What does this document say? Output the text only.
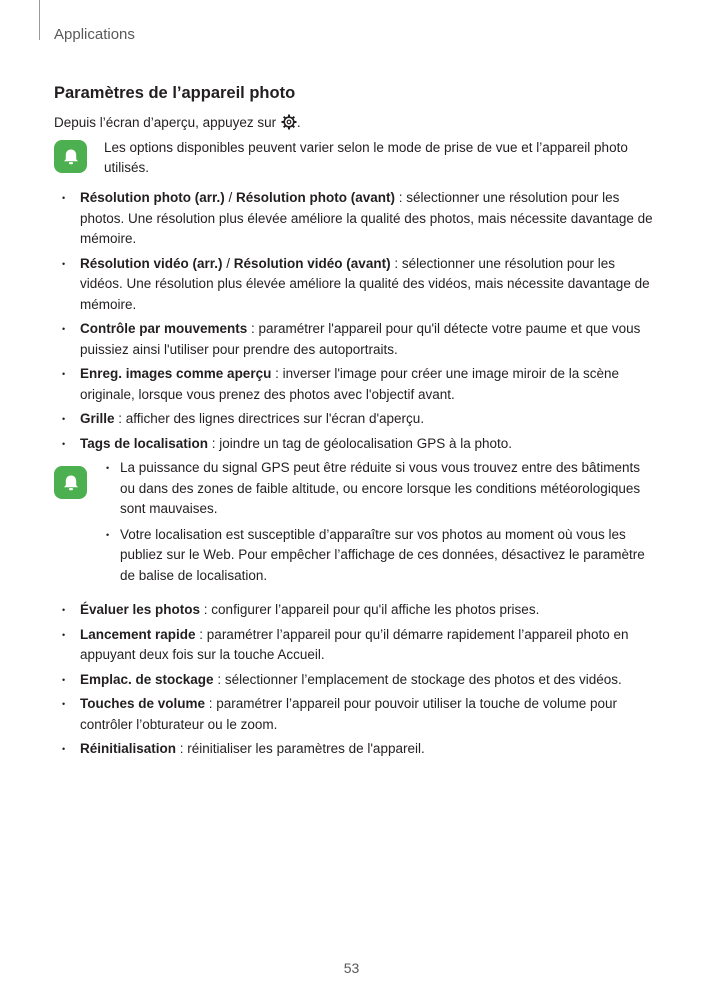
Applications
Paramètres de l’appareil photo

Depuis l’écran d’aperçu, appuyez sur .

Les options disponibles peuvent varier selon le mode de prise de vue et l’appareil photo utilisés.
• Résolution photo (arr.) / Résolution photo (avant) : sélectionner une résolution pour les photos. Une résolution plus élevée améliore la qualité des photos, mais nécessite davantage de mémoire.
• Résolution vidéo (arr.) / Résolution vidéo (avant) : sélectionner une résolution pour les vidéos. Une résolution plus élevée améliore la qualité des vidéos, mais nécessite davantage de mémoire.
• Contrôle par mouvements : paramétrer l'appareil pour qu'il détecte votre paume et que vous puissiez ainsi l'utiliser pour prendre des autoportraits.
• Enreg. images comme aperçu : inverser l'image pour créer une image miroir de la scène originale, lorsque vous prenez des photos avec l'objectif avant.
• Grille : afficher des lignes directrices sur l'écran d'aperçu.
• Tags de localisation : joindre un tag de géolocalisation GPS à la photo.
• La puissance du signal GPS peut être réduite si vous vous trouvez entre des bâtiments ou dans des zones de faible altitude, ou encore lorsque les conditions météorologiques sont mauvaises.
• Votre localisation est susceptible d’apparaître sur vos photos au moment où vous les publiez sur le Web. Pour empêcher l’affichage de ces données, désactivez le paramètre de balise de localisation.
• Évaluer les photos : configurer l’appareil pour qu'il affiche les photos prises.
• Lancement rapide : paramétrer l’appareil pour qu’il démarre rapidement l’appareil photo en appuyant deux fois sur la touche Accueil.
• Emplac. de stockage : sélectionner l’emplacement de stockage des photos et des vidéos.
• Touches de volume : paramétrer l’appareil pour pouvoir utiliser la touche de volume pour contrôler l’obturateur ou le zoom.
• Réinitialisation : réinitialiser les paramètres de l'appareil.
53
